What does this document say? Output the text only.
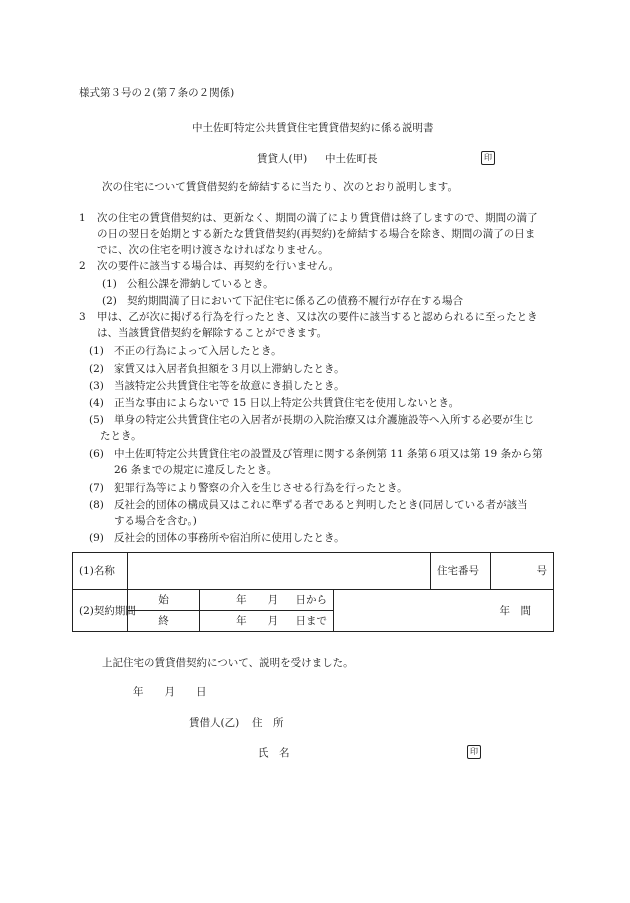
様式第３号の２(第７条の２関係)
中土佐町特定公共賃貸住宅賃貸借契約に係る説明書
賃貸人(甲) 中土佐町長	印
次の住宅について賃貸借契約を締結するに当たり、次のとおり説明します。
1 次の住宅の賃貸借契約は、更新なく、期間の満了により賃貸借は終了しますので、期間の満了
の日の翌日を始期とする新たな賃貸借契約(再契約)を締結する場合を除き、期間の満了の日ま
でに、次の住宅を明け渡さなければなりません。
2 次の要件に該当する場合は、再契約を行いません。
(1) 公租公課を滞納しているとき。
(2) 契約期間満了日において下記住宅に係る乙の債務不履行が存在する場合
3 甲は、乙が次に掲げる行為を行ったとき、又は次の要件に該当すると認められるに至ったとき
は、当該賃貸借契約を解除することができます。
(1) 不正の行為によって入居したとき。
(2) 家賃又は入居者負担額を３月以上滞納したとき。
(3) 当該特定公共賃貸住宅等を故意にき損したとき。
(4) 正当な事由によらないで 15 日以上特定公共賃貸住宅を使用しないとき。
(5) 単身の特定公共賃貸住宅の入居者が長期の入院治療又は介護施設等へ入所する必要が生じ
たとき。
(6) 中土佐町特定公共賃貸住宅の設置及び管理に関する条例第 11 条第６項又は第 19 条から第
26 条までの規定に違反したとき。
(7) 犯罪行為等により警察の介入を生じさせる行為を行ったとき。
(8) 反社会的団体の構成員又はこれに準ずる者であると判明したとき(同居している者が該当
する場合を含む。)
(9) 反社会的団体の事務所や宿泊所に使用したとき。
(1)名称				住宅番号	号
(2)契約期間	始	年　　月 日から	年　間		
	終	年　　月 日まで			
上記住宅の賃貸借契約について、説明を受けました。
年　　月　　日
賃借人(乙) 住　所
氏　名	印
